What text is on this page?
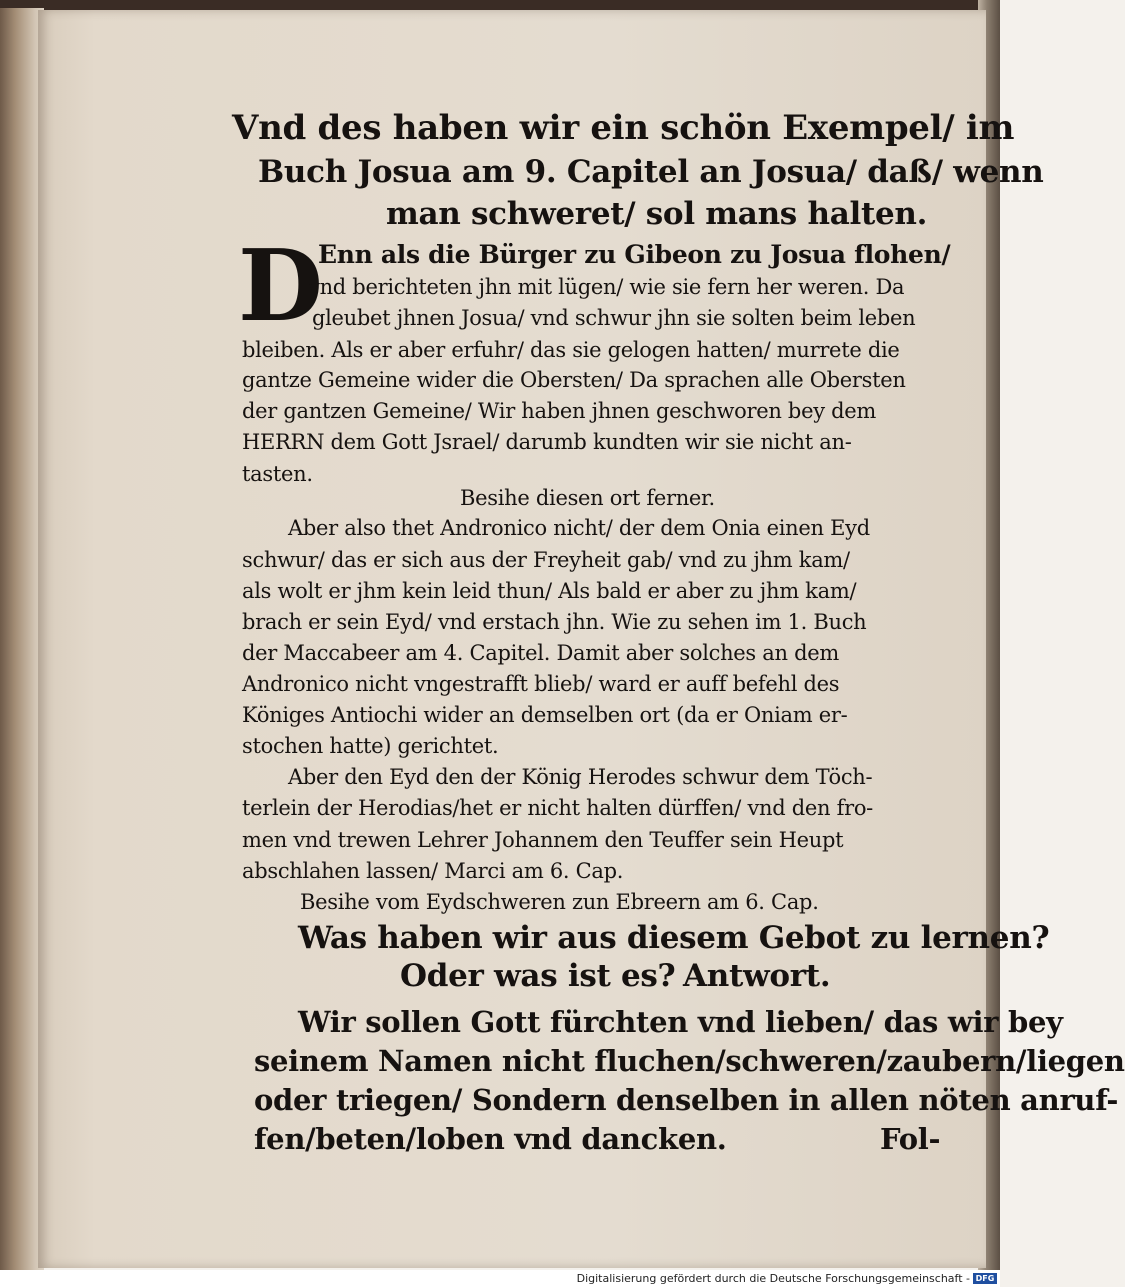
Vnd des haben wir ein schön Exempel/ im
Buch Josua am 9. Capitel an Josua/ daß/ wenn
man schweret/ sol mans halten.
D
Enn als die Bürger zu Gibeon zu Josua flohen/
vnd berichteten jhn mit lügen/ wie sie fern her weren. Da
gleubet jhnen Josua/ vnd schwur jhn sie solten beim leben
bleiben. Als er aber erfuhr/ das sie gelogen hatten/ murrete die
gantze Gemeine wider die Obersten/ Da sprachen alle Obersten
der gantzen Gemeine/ Wir haben jhnen geschworen bey dem
HERRN dem Gott Jsrael/ darumb kundten wir sie nicht an-
tasten.
Besihe diesen ort ferner.
Aber also thet Andronico nicht/ der dem Onia einen Eyd
schwur/ das er sich aus der Freyheit gab/ vnd zu jhm kam/
als wolt er jhm kein leid thun/ Als bald er aber zu jhm kam/
brach er sein Eyd/ vnd erstach jhn. Wie zu sehen im 1. Buch
der Maccabeer am 4. Capitel. Damit aber solches an dem
Andronico nicht vngestrafft blieb/ ward er auff befehl des
Königes Antiochi wider an demselben ort (da er Oniam er-
stochen hatte) gerichtet.
Aber den Eyd den der König Herodes schwur dem Töch-
terlein der Herodias/het er nicht halten dürffen/ vnd den fro-
men vnd trewen Lehrer Johannem den Teuffer sein Heupt
abschlahen lassen/ Marci am 6. Cap.
Besihe vom Eydschweren zun Ebreern am 6. Cap.
Was haben wir aus diesem Gebot zu lernen?
Oder was ist es? Antwort.
Wir sollen Gott fürchten vnd lieben/ das wir bey
seinem Namen nicht fluchen/schweren/zaubern/liegen
oder triegen/ Sondern denselben in allen nöten anruf-
fen/beten/loben vnd dancken.	Fol-
Digitalisierung gefördert durch die Deutsche Forschungsgemeinschaft - DFG
